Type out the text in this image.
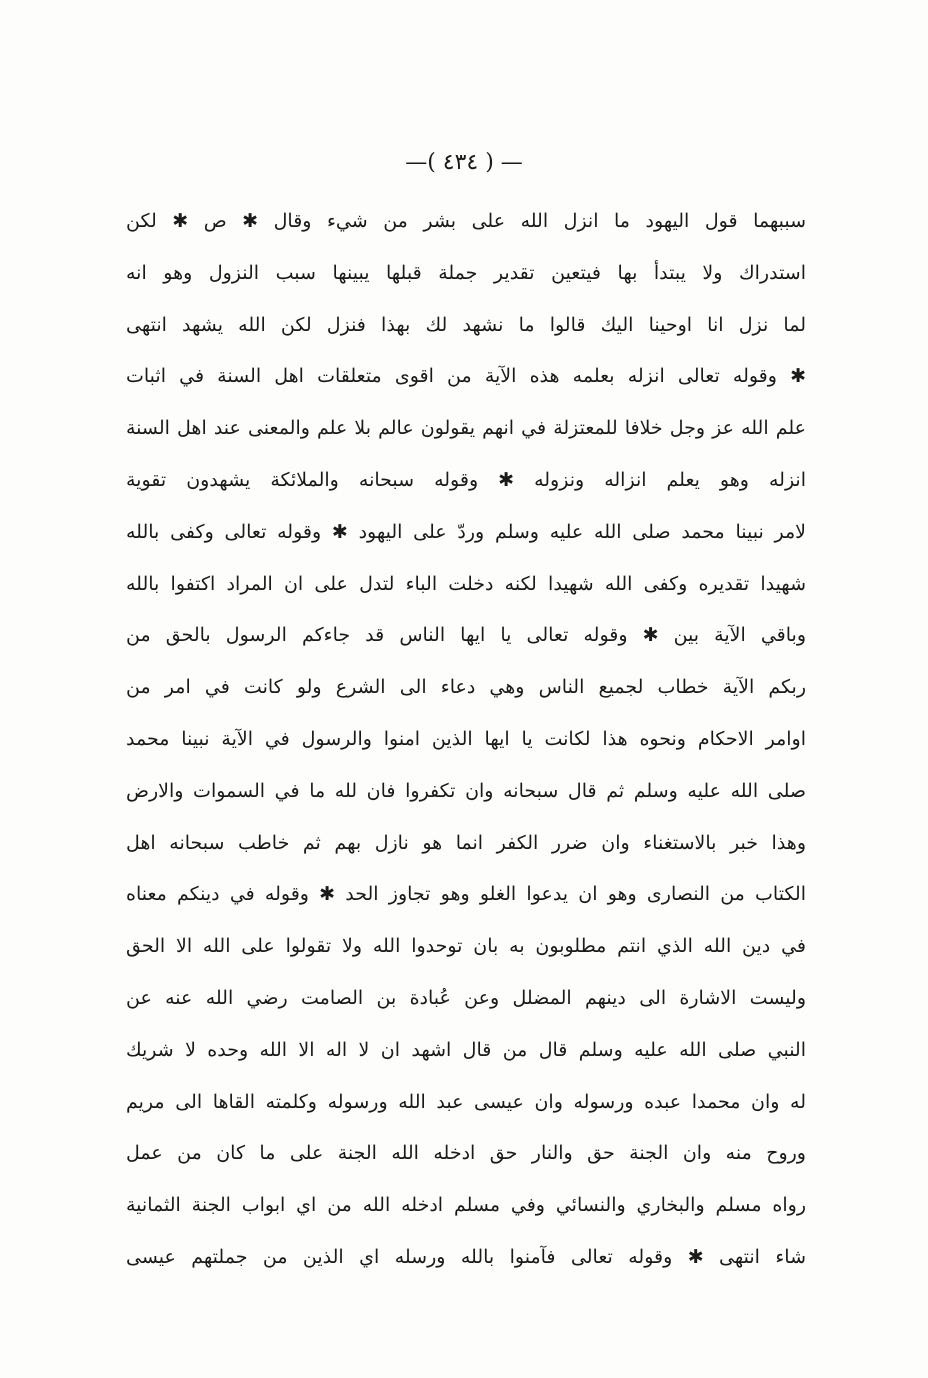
—( ٤٣٤ ) —
سببهما قول اليهود ما انزل الله على بشر من شيء وقال ✱ ص ✱ لكن
استدراك ولا يبتدأ بها فيتعين تقدير جملة قبلها يبينها سبب النزول وهو انه
لما نزل انا اوحينا اليك قالوا ما نشهد لك بهذا فنزل لكن الله يشهد انتهى
✱ وقوله تعالى انزله بعلمه هذه الآية من اقوى متعلقات اهل السنة في اثبات
علم الله عز وجل خلافا للمعتزلة في انهم يقولون عالم بلا علم والمعنى عند اهل السنة
انزله وهو يعلم انزاله ونزوله ✱ وقوله سبحانه والملائكة يشهدون تقوية
لامر نبينا محمد صلى الله عليه وسلم وردّ على اليهود ✱ وقوله تعالى وكفى بالله
شهيدا تقديره وكفى الله شهيدا لكنه دخلت الباء لتدل على ان المراد اكتفوا بالله
وباقي الآية بين ✱ وقوله تعالى يا ايها الناس قد جاءكم الرسول بالحق من
ربكم الآية خطاب لجميع الناس وهي دعاء الى الشرع ولو كانت في امر من
اوامر الاحكام ونحوه هذا لكانت يا ايها الذين امنوا والرسول في الآية نبينا محمد
صلى الله عليه وسلم ثم قال سبحانه وان تكفروا فان لله ما في السموات والارض
وهذا خبر بالاستغناء وان ضرر الكفر انما هو نازل بهم ثم خاطب سبحانه اهل
الكتاب من النصارى وهو ان يدعوا الغلو وهو تجاوز الحد ✱ وقوله في دينكم معناه
في دين الله الذي انتم مطلوبون به بان توحدوا الله ولا تقولوا على الله الا الحق
وليست الاشارة الى دينهم المضلل وعن عُبادة بن الصامت رضي الله عنه عن
النبي صلى الله عليه وسلم قال من قال اشهد ان لا اله الا الله وحده لا شريك
له وان محمدا عبده ورسوله وان عيسى عبد الله ورسوله وكلمته القاها الى مريم
وروح منه وان الجنة حق والنار حق ادخله الله الجنة على ما كان من عمل
رواه مسلم والبخاري والنسائي وفي مسلم ادخله الله من اي ابواب الجنة الثمانية
شاء انتهى ✱ وقوله تعالى فآمنوا بالله ورسله اي الذين من جملتهم عيسى
